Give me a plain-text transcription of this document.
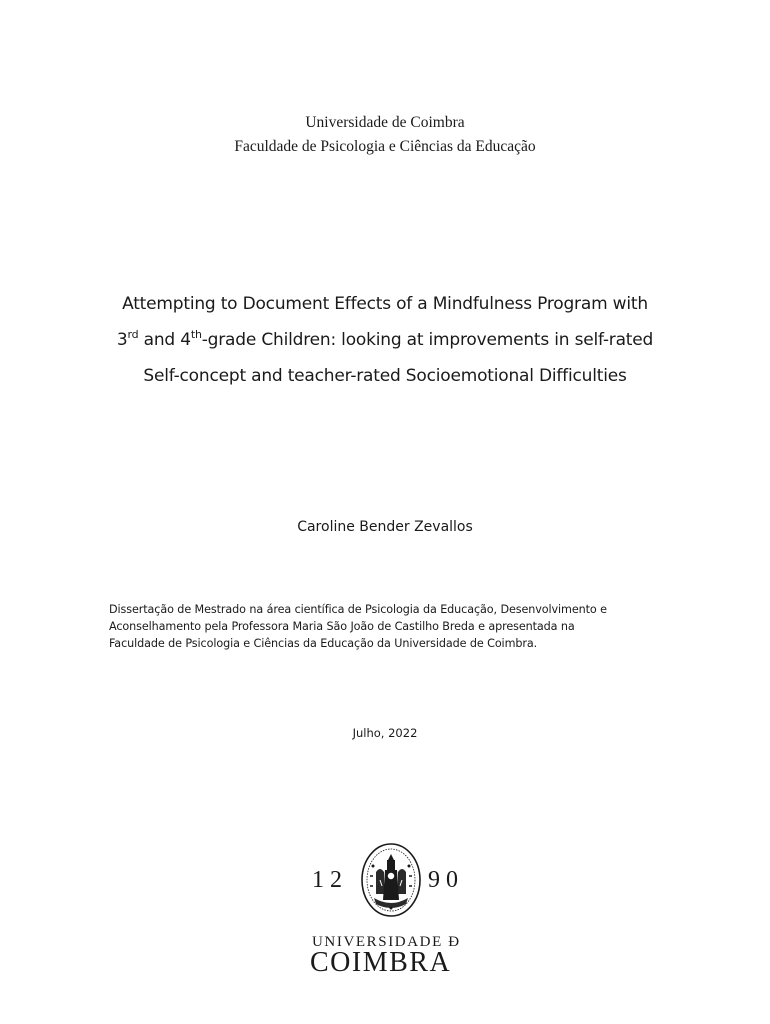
Universidade de Coimbra
Faculdade de Psicologia e Ciências da Educação
Attempting to Document Effects of a Mindfulness Program with
3rd and 4th-grade Children: looking at improvements in self-rated
Self-concept and teacher-rated Socioemotional Difficulties
Caroline Bender Zevallos
Dissertação de Mestrado na área científica de Psicologia da Educação, Desenvolvimento e
Aconselhamento pela Professora Maria São João de Castilho Breda e apresentada na
Faculdade de Psicologia e Ciências da Educação da Universidade de Coimbra.
Julho, 2022
1 2	9 0
UNIVERSIDADE Ð
COIMBRA
